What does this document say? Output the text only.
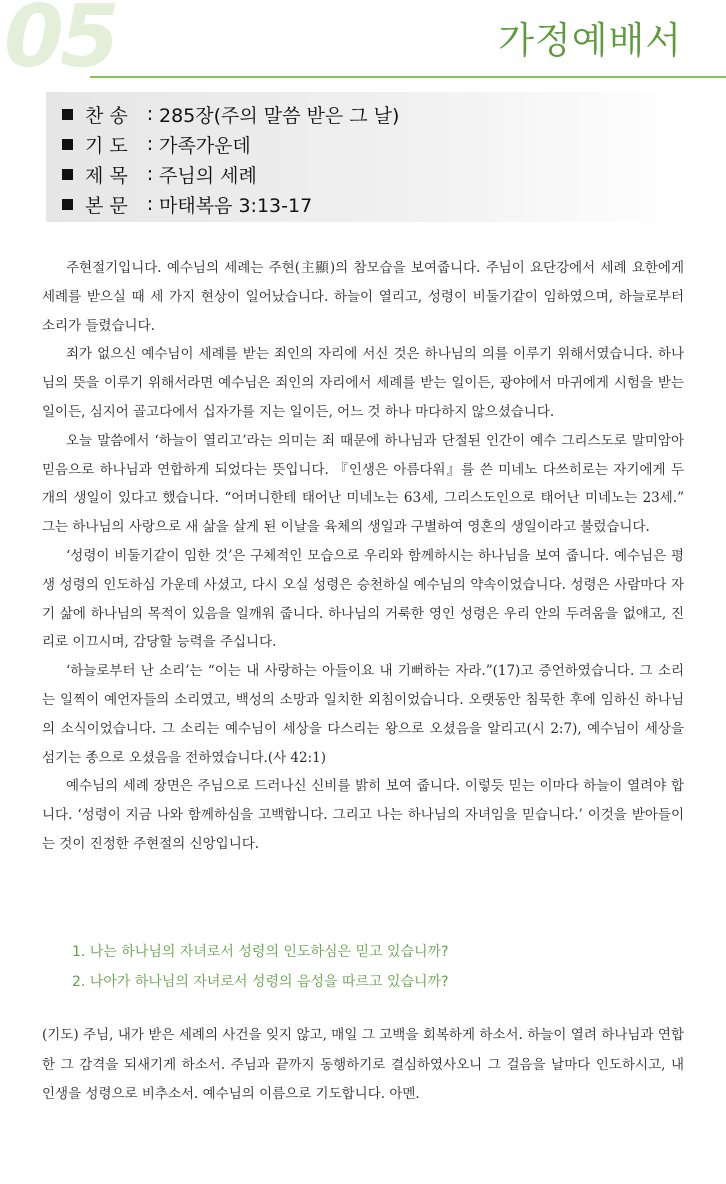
05	가정예배서
찬 송	: 285장(주의 말씀 받은 그 날)
기 도	: 가족가운데
제 목	: 주님의 세례
본 문	: 마태복음 3:13-17

주현절기입니다. 예수님의 세례는 주현(主顯)의 참모습을 보여줍니다. 주님이 요단강에서 세례 요한에게 세례를 받으실 때 세 가지 현상이 일어났습니다. 하늘이 열리고, 성령이 비둘기같이 임하였으며, 하늘로부터 소리가 들렸습니다.

죄가 없으신 예수님이 세례를 받는 죄인의 자리에 서신 것은 하나님의 의를 이루기 위해서였습니다. 하나님의 뜻을 이루기 위해서라면 예수님은 죄인의 자리에서 세례를 받는 일이든, 광야에서 마귀에게 시험을 받는 일이든, 심지어 골고다에서 십자가를 지는 일이든, 어느 것 하나 마다하지 않으셨습니다.

오늘 말씀에서 ‘하늘이 열리고’라는 의미는 죄 때문에 하나님과 단절된 인간이 예수 그리스도로 말미암아 믿음으로 하나님과 연합하게 되었다는 뜻입니다. 『인생은 아름다워』를 쓴 미네노 다쓰히로는 자기에게 두 개의 생일이 있다고 했습니다. “어머니한테 태어난 미네노는 63세, 그리스도인으로 태어난 미네노는 23세.” 그는 하나님의 사랑으로 새 삶을 살게 된 이날을 육체의 생일과 구별하여 영혼의 생일이라고 불렀습니다.

‘성령이 비둘기같이 임한 것’은 구체적인 모습으로 우리와 함께하시는 하나님을 보여 줍니다. 예수님은 평생 성령의 인도하심 가운데 사셨고, 다시 오실 성령은 승천하실 예수님의 약속이었습니다. 성령은 사람마다 자기 삶에 하나님의 목적이 있음을 일깨워 줍니다. 하나님의 거룩한 영인 성령은 우리 안의 두려움을 없애고, 진리로 이끄시며, 감당할 능력을 주십니다.

‘하늘로부터 난 소리’는 “이는 내 사랑하는 아들이요 내 기뻐하는 자라.”(17)고 증언하였습니다. 그 소리는 일찍이 예언자들의 소리였고, 백성의 소망과 일치한 외침이었습니다. 오랫동안 침묵한 후에 임하신 하나님의 소식이었습니다. 그 소리는 예수님이 세상을 다스리는 왕으로 오셨음을 알리고(시 2:7), 예수님이 세상을 섬기는 종으로 오셨음을 전하였습니다.(사 42:1)

예수님의 세례 장면은 주님으로 드러나신 신비를 밝히 보여 줍니다. 이렇듯 믿는 이마다 하늘이 열려야 합니다. ‘성령이 지금 나와 함께하심을 고백합니다. 그리고 나는 하나님의 자녀임을 믿습니다.’ 이것을 받아들이는 것이 진정한 주현절의 신앙입니다.

1. 나는 하나님의 자녀로서 성령의 인도하심은 믿고 있습니까?
2. 나아가 하나님의 자녀로서 성령의 음성을 따르고 있습니까?

(기도) 주님, 내가 받은 세례의 사건을 잊지 않고, 매일 그 고백을 회복하게 하소서. 하늘이 열려 하나님과 연합한 그 감격을 되새기게 하소서. 주님과 끝까지 동행하기로 결심하였사오니 그 걸음을 날마다 인도하시고, 내 인생을 성령으로 비추소서. 예수님의 이름으로 기도합니다. 아멘.
